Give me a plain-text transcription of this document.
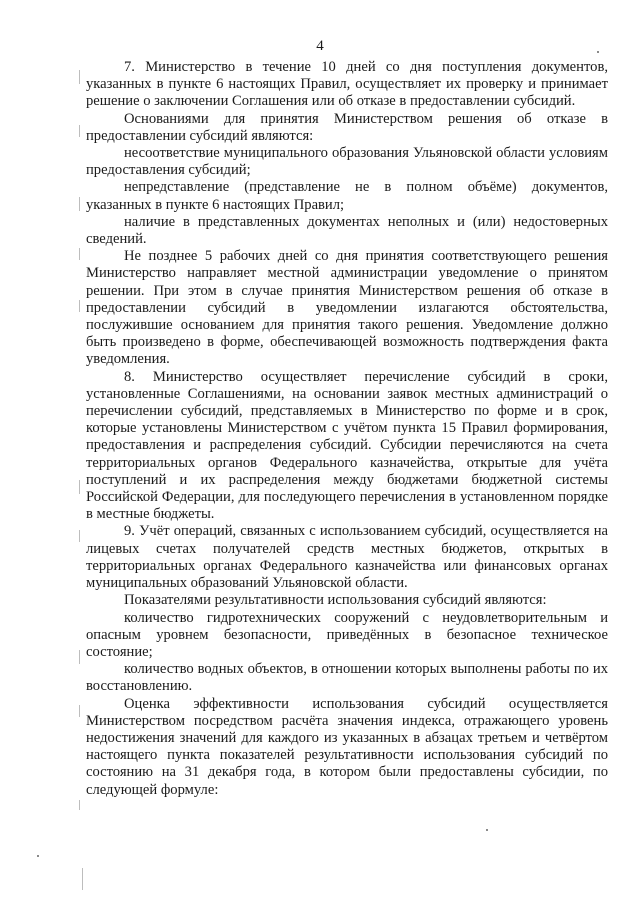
4

7. Министерство в течение 10 дней со дня поступления документов, указанных в пункте 6 настоящих Правил, осуществляет их проверку и принимает решение о заключении Соглашения или об отказе в предоставлении субсидий.

Основаниями для принятия Министерством решения об отказе в предоставлении субсидий являются:

несоответствие муниципального образования Ульяновской области условиям предоставления субсидий;

непредставление (представление не в полном объёме) документов, указанных в пункте 6 настоящих Правил;

наличие в представленных документах неполных и (или) недостоверных сведений.

Не позднее 5 рабочих дней со дня принятия соответствующего решения Министерство направляет местной администрации уведомление о принятом решении. При этом в случае принятия Министерством решения об отказе в предоставлении субсидий в уведомлении излагаются обстоятельства, послужившие основанием для принятия такого решения. Уведомление должно быть произведено в форме, обеспечивающей возможность подтверждения факта уведомления.

8. Министерство осуществляет перечисление субсидий в сроки, установленные Соглашениями, на основании заявок местных администраций о перечислении субсидий, представляемых в Министерство по форме и в срок, которые установлены Министерством с учётом пункта 15 Правил формирования, предоставления и распределения субсидий. Субсидии перечисляются на счета территориальных органов Федерального казначейства, открытые для учёта поступлений и их распределения между бюджетами бюджетной системы Российской Федерации, для последующего перечисления в установленном порядке в местные бюджеты.

9. Учёт операций, связанных с использованием субсидий, осуществляется на лицевых счетах получателей средств местных бюджетов, открытых в территориальных органах Федерального казначейства или финансовых органах муниципальных образований Ульяновской области.

Показателями результативности использования субсидий являются:

количество гидротехнических сооружений с неудовлетворительным и опасным уровнем безопасности, приведённых в безопасное техническое состояние;

количество водных объектов, в отношении которых выполнены работы по их восстановлению.

Оценка эффективности использования субсидий осуществляется Министерством посредством расчёта значения индекса, отражающего уровень недостижения значений для каждого из указанных в абзацах третьем и четвёртом настоящего пункта показателей результативности использования субсидий по состоянию на 31 декабря года, в котором были предоставлены субсидии, по следующей формуле:
